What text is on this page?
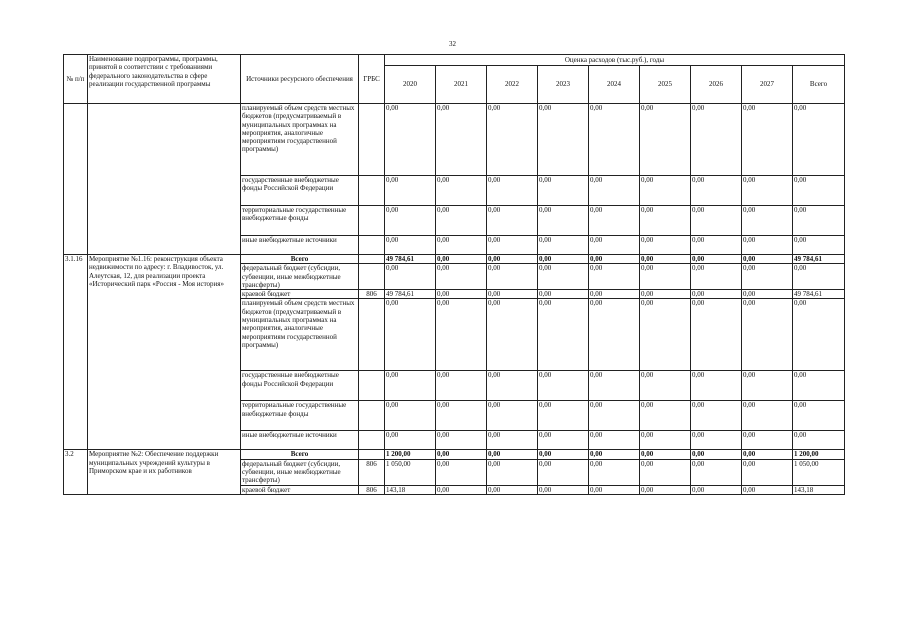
32
№ п/п	Наименование подпрограммы, программы, принятой в соответствии с требованиями федерального законодательства в сфере реализации государственной программы	Источники ресурсного обеспечения	ГРБС	Оценка расходов (тыс.руб.), годы								
				2020	2021	2022	2023	2024	2025	2026	2027	Всего
		планируемый объем средств местных бюджетов (предусматриваемый в муниципальных программах на мероприятия, аналогичные мероприятиям государственной программы)		0,00	0,00	0,00	0,00	0,00	0,00	0,00	0,00	0,00
		государственные внебюджетные фонды Российской Федерации		0,00	0,00	0,00	0,00	0,00	0,00	0,00	0,00	0,00
		территориальные государственные внебюджетные фонды		0,00	0,00	0,00	0,00	0,00	0,00	0,00	0,00	0,00
		иные внебюджетные источники		0,00	0,00	0,00	0,00	0,00	0,00	0,00	0,00	0,00
3.1.16	Мероприятие №1.16: реконструкция объекта недвижимости по адресу: г. Владивосток, ул. Алеутская, 12, для реализации проекта «Исторический парк «Россия - Моя история»	Всего		49 784,61	0,00	0,00	0,00	0,00	0,00	0,00	0,00	49 784,61
		федеральный бюджет (субсидии, субвенции, иные межбюджетные трансферты)		0,00	0,00	0,00	0,00	0,00	0,00	0,00	0,00	0,00
		краевой бюджет	806	49 784,61	0,00	0,00	0,00	0,00	0,00	0,00	0,00	49 784,61
		планируемый объем средств местных бюджетов (предусматриваемый в муниципальных программах на мероприятия, аналогичные мероприятиям государственной программы)		0,00	0,00	0,00	0,00	0,00	0,00	0,00	0,00	0,00
		государственные внебюджетные фонды Российской Федерации		0,00	0,00	0,00	0,00	0,00	0,00	0,00	0,00	0,00
		территориальные государственные внебюджетные фонды		0,00	0,00	0,00	0,00	0,00	0,00	0,00	0,00	0,00
		иные внебюджетные источники		0,00	0,00	0,00	0,00	0,00	0,00	0,00	0,00	0,00
3.2	Мероприятие №2: Обеспечение поддержки муниципальных учреждений культуры в Приморском крае и их работников	Всего		1 200,00	0,00	0,00	0,00	0,00	0,00	0,00	0,00	1 200,00
		федеральный бюджет (субсидии, субвенции, иные межбюджетные трансферты)	806	1 050,00	0,00	0,00	0,00	0,00	0,00	0,00	0,00	1 050,00
		краевой бюджет	806	143,18	0,00	0,00	0,00	0,00	0,00	0,00	0,00	143,18
